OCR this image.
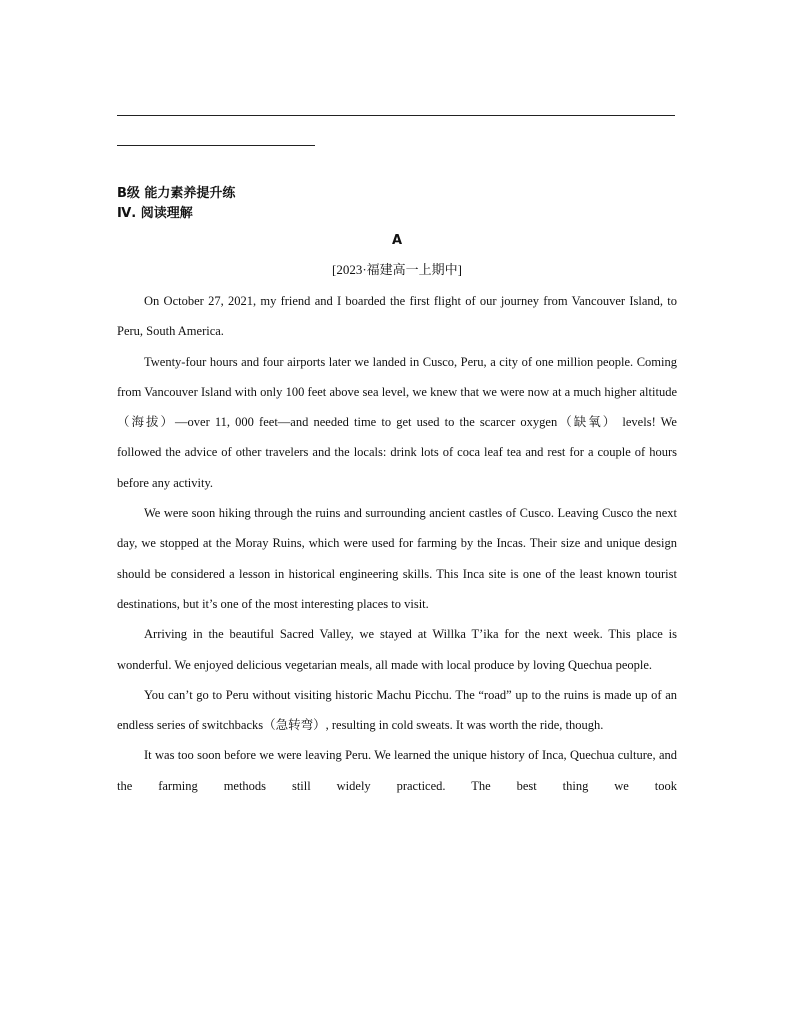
B级 能力素养提升练
Ⅳ. 阅读理解
A
[2023·福建高一上期中]

On October 27, 2021, my friend and I boarded the first flight of our journey from Vancouver Island, to Peru, South America.

Twenty-four hours and four airports later we landed in Cusco, Peru, a city of one million people. Coming from Vancouver Island with only 100 feet above sea level, we knew that we were now at a much higher altitude（海拔）—over 11, 000 feet—and needed time to get used to the scarcer oxygen（缺氧） levels! We followed the advice of other travelers and the locals: drink lots of coca leaf tea and rest for a couple of hours before any activity.

We were soon hiking through the ruins and surrounding ancient castles of Cusco. Leaving Cusco the next day, we stopped at the Moray Ruins, which were used for farming by the Incas. Their size and unique design should be considered a lesson in historical engineering skills. This Inca site is one of the least known tourist destinations, but it’s one of the most interesting places to visit.

Arriving in the beautiful Sacred Valley, we stayed at Willka T’ika for the next week. This place is wonderful. We enjoyed delicious vegetarian meals, all made with local produce by loving Quechua people.

You can’t go to Peru without visiting historic Machu Picchu. The “road” up to the ruins is made up of an endless series of switchbacks（急转弯）, resulting in cold sweats. It was worth the ride, though.

It was too soon before we were leaving Peru. We learned the unique history of Inca, Quechua culture, and the farming methods still widely practiced. The best thing we took
